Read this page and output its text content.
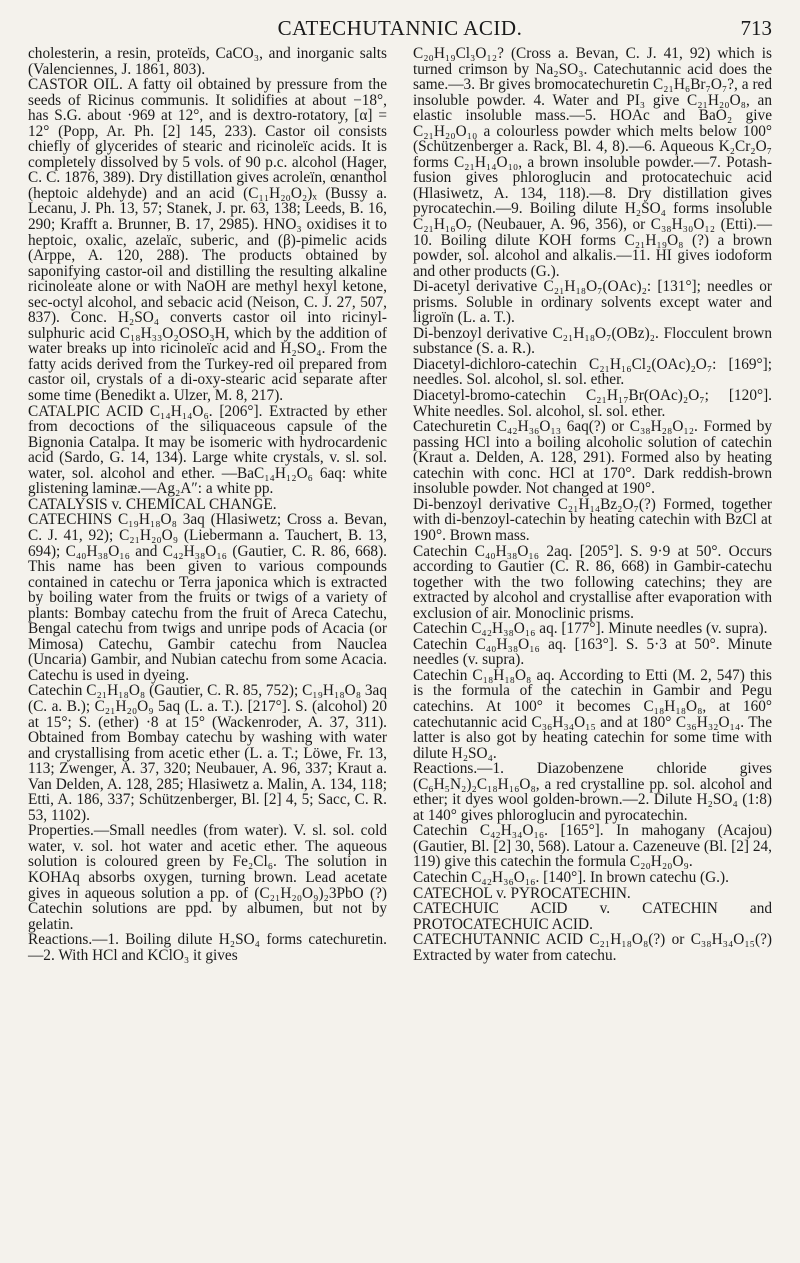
CATECHUTANNIC ACID.	713

cholesterin, a resin, proteïds, CaCO₃, and inorganic salts (Valenciennes, J. 1861, 803).

CASTOR OIL. A fatty oil obtained by pressure from the seeds of Ricinus communis. It solidifies at about −18°, has S.G. about ·969 at 12°, and is dextro-rotatory, [α] = 12° (Popp, Ar. Ph. [2] 145, 233). Castor oil consists chiefly of glycerides of stearic and ricinoleïc acids. It is completely dissolved by 5 vols. of 90 p.c. alcohol (Hager, C. C. 1876, 389). Dry distillation gives acroleïn, œnanthol (heptoic aldehyde) and an acid (C₁₁H₂₀O₂)ₓ (Bussy a. Lecanu, J. Ph. 13, 57; Stanek, J. pr. 63, 138; Leeds, B. 16, 290; Krafft a. Brunner, B. 17, 2985). HNO₃ oxidises it to heptoic, oxalic, azelaïc, suberic, and (β)-pimelic acids (Arppe, A. 120, 288). The products obtained by saponifying castor-oil and distilling the resulting alkaline ricinoleate alone or with NaOH are methyl hexyl ketone, sec-octyl alcohol, and sebacic acid (Neison, C. J. 27, 507, 837). Conc. H₂SO₄ converts castor oil into ricinyl-sulphuric acid C₁₈H₃₃O₂OSO₃H, which by the addition of water breaks up into ricinoleïc acid and H₂SO₄. From the fatty acids derived from the Turkey-red oil prepared from castor oil, crystals of a di-oxy-stearic acid separate after some time (Benedikt a. Ulzer, M. 8, 217).

CATALPIC ACID C₁₄H₁₄O₆. [206°]. Extracted by ether from decoctions of the siliquaceous capsule of the Bignonia Catalpa. It may be isomeric with hydrocardenic acid (Sardo, G. 14, 134). Large white crystals, v. sl. sol. water, sol. alcohol and ether. —BaC₁₄H₁₂O₆ 6aq: white glistening laminæ.—Ag₂A″: a white pp.

CATALYSIS v. CHEMICAL CHANGE.

CATECHINS C₁₉H₁₈O₈ 3aq (Hlasiwetz; Cross a. Bevan, C. J. 41, 92); C₂₁H₂₀O₉ (Liebermann a. Tauchert, B. 13, 694); C₄₀H₃₈O₁₆ and C₄₂H₃₈O₁₆ (Gautier, C. R. 86, 668). This name has been given to various compounds contained in catechu or Terra japonica which is extracted by boiling water from the fruits or twigs of a variety of plants: Bombay catechu from the fruit of Areca Catechu, Bengal catechu from twigs and unripe pods of Acacia (or Mimosa) Catechu, Gambir catechu from Nauclea (Uncaria) Gambir, and Nubian catechu from some Acacia. Catechu is used in dyeing.

Catechin C₂₁H₁₈O₈ (Gautier, C. R. 85, 752); C₁₉H₁₈O₈ 3aq (C. a. B.); C₂₁H₂₀O₉ 5aq (L. a. T.). [217°]. S. (alcohol) 20 at 15°; S. (ether) ·8 at 15° (Wackenroder, A. 37, 311). Obtained from Bombay catechu by washing with water and crystallising from acetic ether (L. a. T.; Löwe, Fr. 13, 113; Zwenger, A. 37, 320; Neubauer, A. 96, 337; Kraut a. Van Delden, A. 128, 285; Hlasiwetz a. Malin, A. 134, 118; Etti, A. 186, 337; Schützenberger, Bl. [2] 4, 5; Sacc, C. R. 53, 1102).

Properties.—Small needles (from water). V. sl. sol. cold water, v. sol. hot water and acetic ether. The aqueous solution is coloured green by Fe₂Cl₆. The solution in KOHAq absorbs oxygen, turning brown. Lead acetate gives in aqueous solution a pp. of (C₂₁H₂₀O₉)₂3PbO (?) Catechin solutions are ppd. by albumen, but not by gelatin.

Reactions.—1. Boiling dilute H₂SO₄ forms catechuretin.—2. With HCl and KClO₃ it gives

C₂₀H₁₉Cl₃O₁₂? (Cross a. Bevan, C. J. 41, 92) which is turned crimson by Na₂SO₃. Catechutannic acid does the same.—3. Br gives bromocatechuretin C₂₁H₆Br₇O₇?, a red insoluble powder. 4. Water and PI₃ give C₂₁H₂₀O₈, an elastic insoluble mass.—5. HOAc and BaO₂ give C₂₁H₂₀O₁₀ a colourless powder which melts below 100° (Schützenberger a. Rack, Bl. 4, 8).—6. Aqueous K₂Cr₂O₇ forms C₂₁H₁₄O₁₀, a brown insoluble powder.—7. Potash-fusion gives phloroglucin and protocatechuic acid (Hlasiwetz, A. 134, 118).—8. Dry distillation gives pyrocatechin.—9. Boiling dilute H₂SO₄ forms insoluble C₂₁H₁₆O₇ (Neubauer, A. 96, 356), or C₃₈H₃₀O₁₂ (Etti).—10. Boiling dilute KOH forms C₂₁H₁₉O₈ (?) a brown powder, sol. alcohol and alkalis.—11. HI gives iodoform and other products (G.).

Di-acetyl derivative C₂₁H₁₈O₇(OAc)₂: [131°]; needles or prisms. Soluble in ordinary solvents except water and ligroïn (L. a. T.).

Di-benzoyl derivative C₂₁H₁₈O₇(OBz)₂. Flocculent brown substance (S. a. R.).

Diacetyl-dichloro-catechin C₂₁H₁₆Cl₂(OAc)₂O₇: [169°]; needles. Sol. alcohol, sl. sol. ether.

Diacetyl-bromo-catechin C₂₁H₁₇Br(OAc)₂O₇; [120°]. White needles. Sol. alcohol, sl. sol. ether.

Catechuretin C₄₂H₃₆O₁₃ 6aq(?) or C₃₈H₂₈O₁₂. Formed by passing HCl into a boiling alcoholic solution of catechin (Kraut a. Delden, A. 128, 291). Formed also by heating catechin with conc. HCl at 170°. Dark reddish-brown insoluble powder. Not changed at 190°.

Di-benzoyl derivative C₂₁H₁₄Bz₂O₇(?) Formed, together with di-benzoyl-catechin by heating catechin with BzCl at 190°. Brown mass.

Catechin C₄₀H₃₈O₁₆ 2aq. [205°]. S. 9·9 at 50°. Occurs according to Gautier (C. R. 86, 668) in Gambir-catechu together with the two following catechins; they are extracted by alcohol and crystallise after evaporation with exclusion of air. Monoclinic prisms.

Catechin C₄₂H₃₈O₁₆ aq. [177°]. Minute needles (v. supra).

Catechin C₄₀H₃₈O₁₆ aq. [163°]. S. 5·3 at 50°. Minute needles (v. supra).

Catechin C₁₈H₁₈O₈ aq. According to Etti (M. 2, 547) this is the formula of the catechin in Gambir and Pegu catechins. At 100° it becomes C₁₈H₁₈O₈, at 160° catechutannic acid C₃₆H₃₄O₁₅ and at 180° C₃₆H₃₂O₁₄. The latter is also got by heating catechin for some time with dilute H₂SO₄.

Reactions.—1. Diazobenzene chloride gives (C₆H₅N₂)₂C₁₈H₁₆O₈, a red crystalline pp. sol. alcohol and ether; it dyes wool golden-brown.—2. Dilute H₂SO₄ (1:8) at 140° gives phloroglucin and pyrocatechin.

Catechin C₄₂H₃₄O₁₆. [165°]. In mahogany (Acajou) (Gautier, Bl. [2] 30, 568). Latour a. Cazeneuve (Bl. [2] 24, 119) give this catechin the formula C₂₀H₂₀O₉.

Catechin C₄₂H₃₆O₁₆. [140°]. In brown catechu (G.).

CATECHOL v. PYROCATECHIN.

CATECHUIC ACID v. CATECHIN and PROTOCATECHUIC ACID.

CATECHUTANNIC ACID C₂₁H₁₈O₈(?) or C₃₈H₃₄O₁₅(?) Extracted by water from catechu.
